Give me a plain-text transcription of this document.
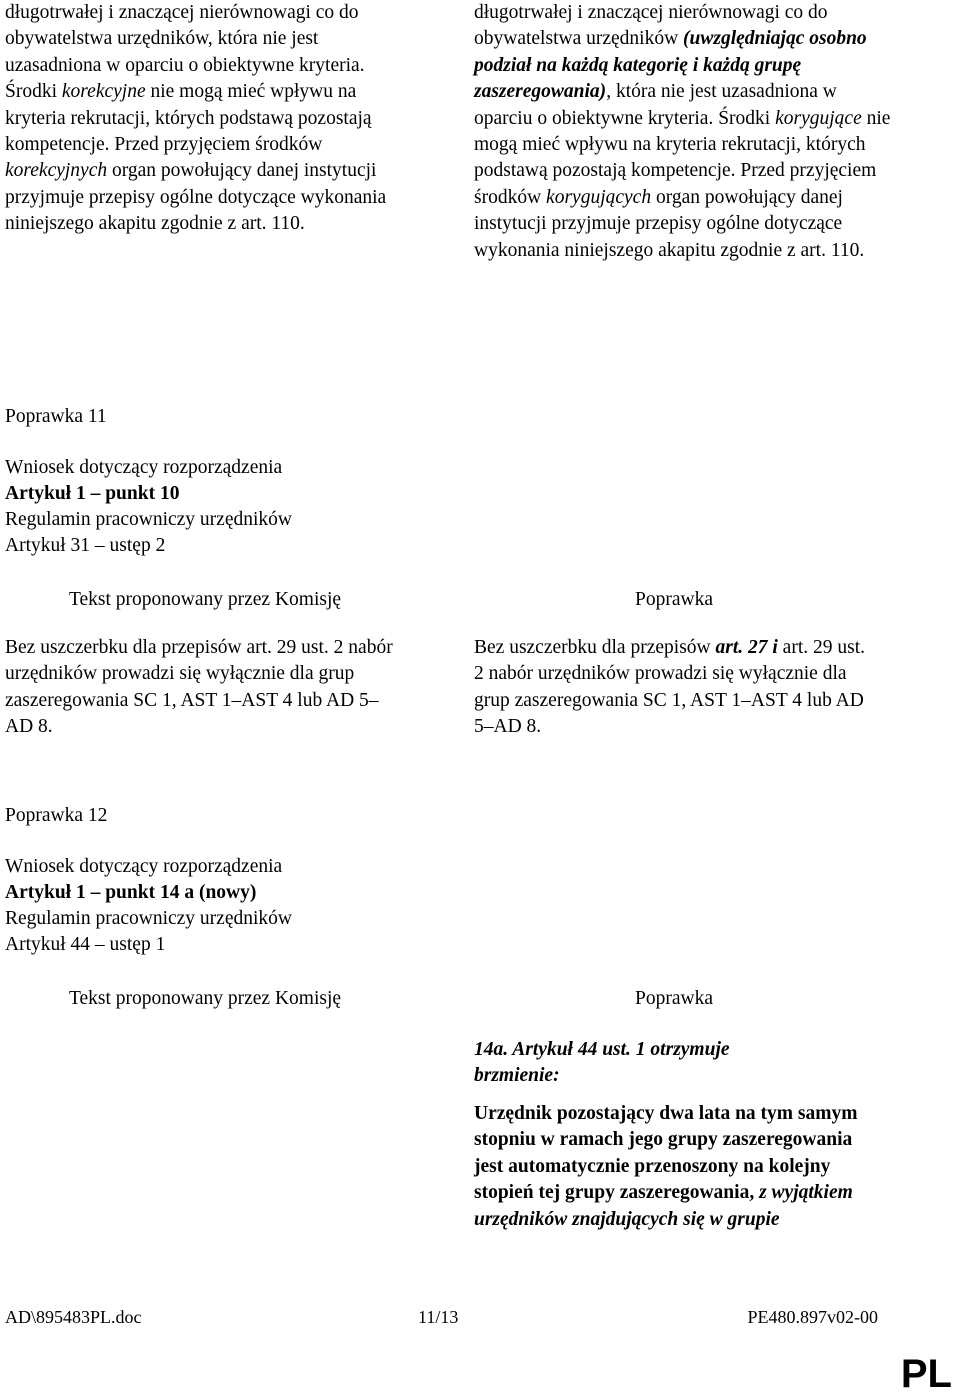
długotrwałej i znaczącej nierównowagi co do obywatelstwa urzędników, która nie jest uzasadniona w oparciu o obiektywne kryteria. Środki korekcyjne nie mogą mieć wpływu na kryteria rekrutacji, których podstawą pozostają kompetencje. Przed przyjęciem środków korekcyjnych organ powołujący danej instytucji przyjmuje przepisy ogólne dotyczące wykonania niniejszego akapitu zgodnie z art. 110.
długotrwałej i znaczącej nierównowagi co do obywatelstwa urzędników (uwzględniając osobno podział na każdą kategorię i każdą grupę zaszeregowania), która nie jest uzasadniona w oparciu o obiektywne kryteria. Środki korygujące nie mogą mieć wpływu na kryteria rekrutacji, których podstawą pozostają kompetencje. Przed przyjęciem środków korygujących organ powołujący danej instytucji przyjmuje przepisy ogólne dotyczące wykonania niniejszego akapitu zgodnie z art. 110.
Poprawka 11
Wniosek dotyczący rozporządzenia
Artykuł 1 – punkt 10
Regulamin pracowniczy urzędników
Artykuł 31 – ustęp 2
Tekst proponowany przez Komisję	Poprawka
Bez uszczerbku dla przepisów art. 29 ust. 2 nabór urzędników prowadzi się wyłącznie dla grup zaszeregowania SC 1, AST 1–AST 4 lub AD 5–AD 8.
Bez uszczerbku dla przepisów art. 27 i art. 29 ust. 2 nabór urzędników prowadzi się wyłącznie dla grup zaszeregowania SC 1, AST 1–AST 4 lub AD 5–AD 8.
Poprawka 12
Wniosek dotyczący rozporządzenia
Artykuł 1 – punkt 14 a (nowy)
Regulamin pracowniczy urzędników
Artykuł 44 – ustęp 1
Tekst proponowany przez Komisję	Poprawka
14a. Artykuł 44 ust. 1 otrzymuje brzmienie:
Urzędnik pozostający dwa lata na tym samym stopniu w ramach jego grupy zaszeregowania jest automatycznie przenoszony na kolejny stopień tej grupy zaszeregowania, z wyjątkiem urzędników znajdujących się w grupie
AD\895483PL.doc	11/13	PE480.897v02-00
PL
